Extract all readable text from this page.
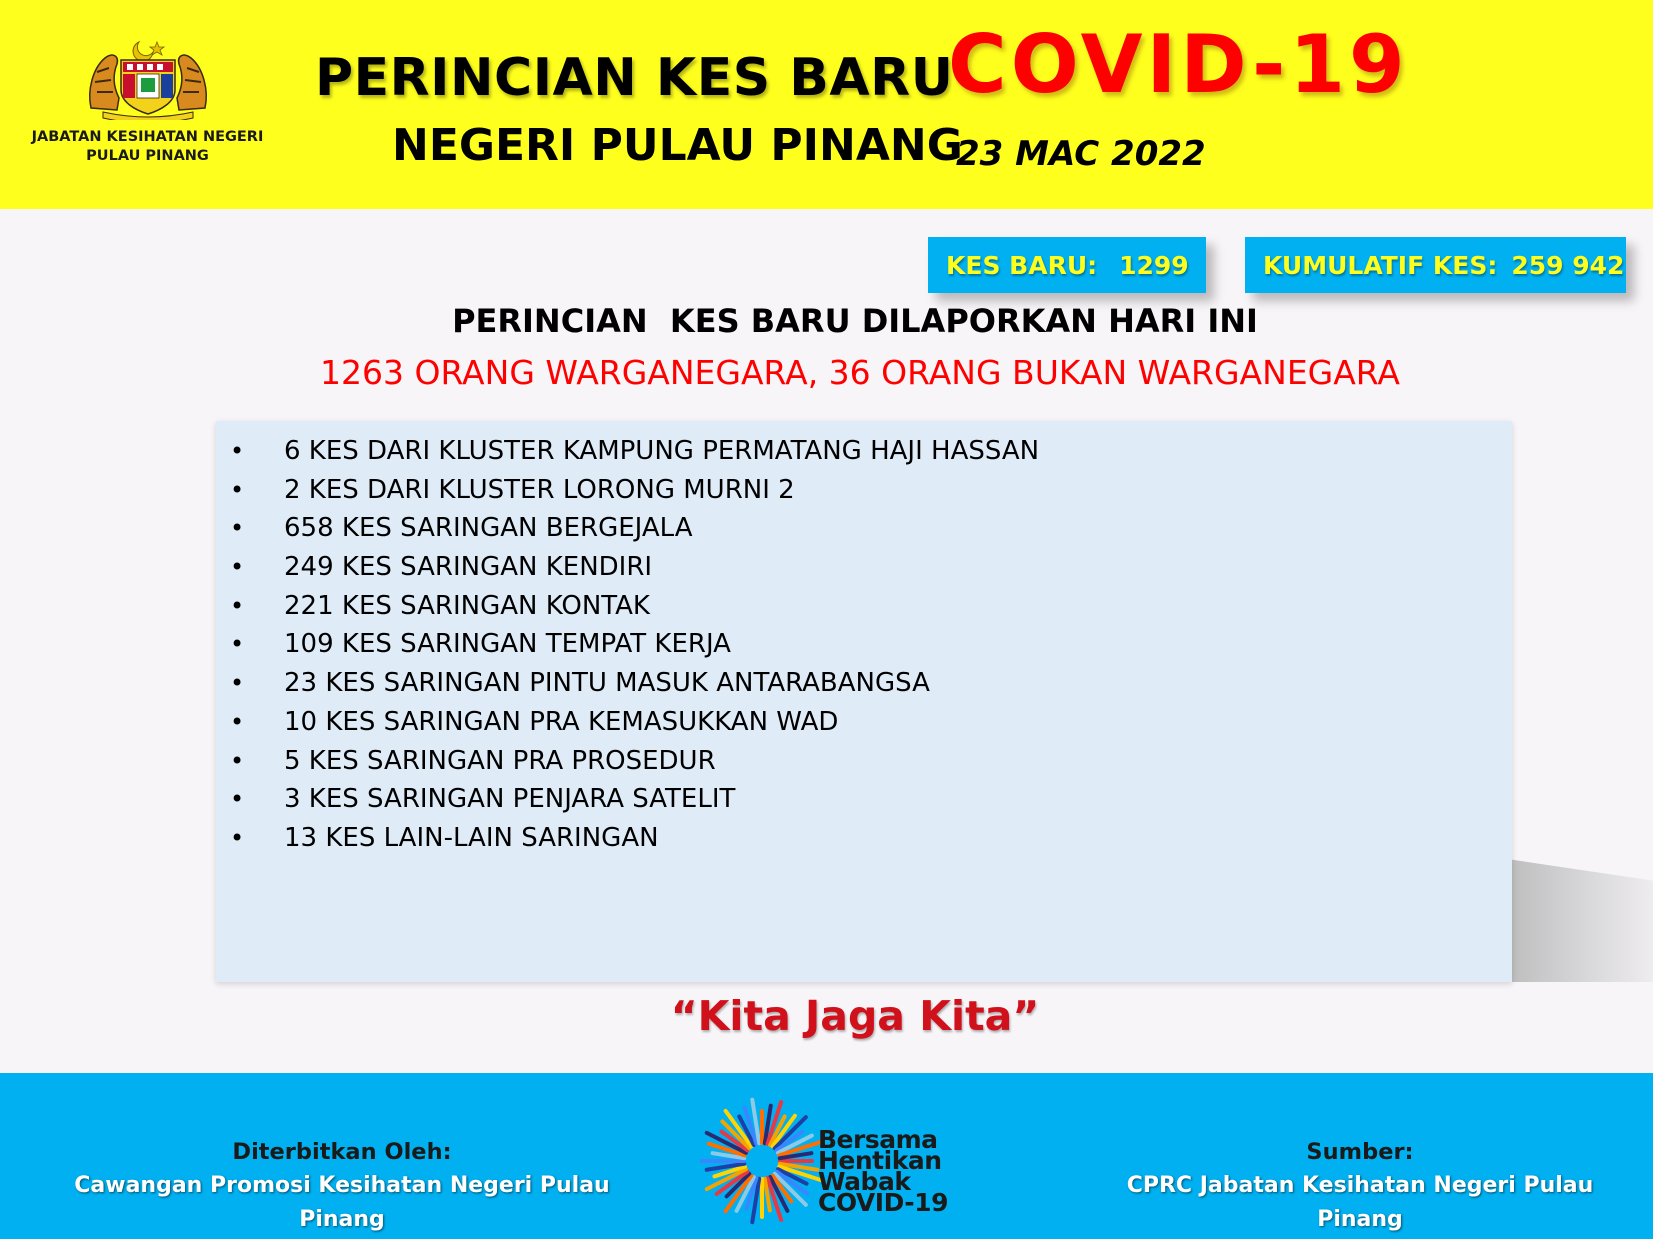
JABATAN KESIHATAN NEGERI
PULAU PINANG
PERINCIAN KES BARU
COVID-19
NEGERI PULAU PINANG
23 MAC 2022
KES BARU: 1299	KUMULATIF KES: 259 942
PERINCIAN  KES BARU DILAPORKAN HARI INI
1263 ORANG WARGANEGARA, 36 ORANG BUKAN WARGANEGARA
• 6 KES DARI KLUSTER KAMPUNG PERMATANG HAJI HASSAN
• 2 KES DARI KLUSTER LORONG MURNI 2
• 658 KES SARINGAN BERGEJALA
• 249 KES SARINGAN KENDIRI
• 221 KES SARINGAN KONTAK
• 109 KES SARINGAN TEMPAT KERJA
• 23 KES SARINGAN PINTU MASUK ANTARABANGSA
• 10 KES SARINGAN PRA KEMASUKKAN WAD
• 5 KES SARINGAN PRA PROSEDUR
• 3 KES SARINGAN PENJARA SATELIT
• 13 KES LAIN-LAIN SARINGAN
“Kita Jaga Kita”
Diterbitkan Oleh:
Cawangan Promosi Kesihatan Negeri Pulau Pinang
Bersama
Hentikan
Wabak
COVID-19
Sumber:
CPRC Jabatan Kesihatan Negeri Pulau Pinang
